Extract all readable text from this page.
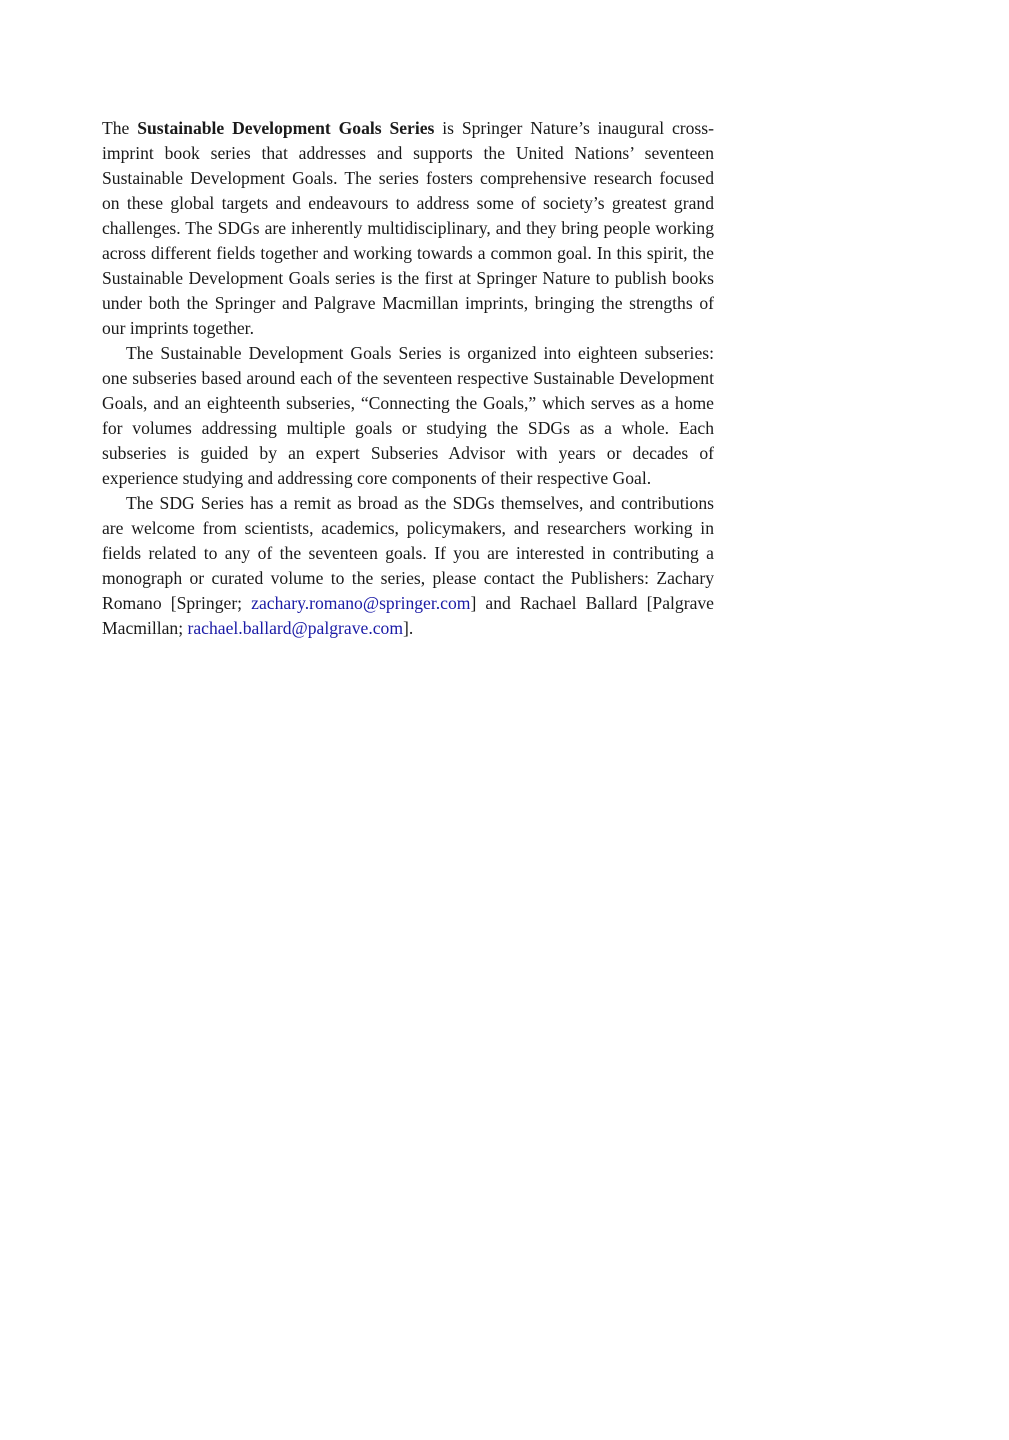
The Sustainable Development Goals Series is Springer Nature’s inaugural cross-imprint book series that addresses and supports the United Nations’ seventeen Sustainable Development Goals. The series fosters comprehensive research focused on these global targets and endeavours to address some of society’s greatest grand challenges. The SDGs are inherently multidisciplinary, and they bring people working across different fields together and working towards a common goal. In this spirit, the Sustainable Development Goals series is the first at Springer Nature to publish books under both the Springer and Palgrave Macmillan imprints, bringing the strengths of our imprints together.

The Sustainable Development Goals Series is organized into eighteen subseries: one subseries based around each of the seventeen respective Sustainable Development Goals, and an eighteenth subseries, “Connecting the Goals,” which serves as a home for volumes addressing multiple goals or studying the SDGs as a whole. Each subseries is guided by an expert Subseries Advisor with years or decades of experience studying and addressing core components of their respective Goal.

The SDG Series has a remit as broad as the SDGs themselves, and contributions are welcome from scientists, academics, policymakers, and researchers working in fields related to any of the seventeen goals. If you are interested in contributing a monograph or curated volume to the series, please contact the Publishers: Zachary Romano [Springer; zachary.romano@springer.com] and Rachael Ballard [Palgrave Macmillan; rachael.ballard@palgrave.com].
